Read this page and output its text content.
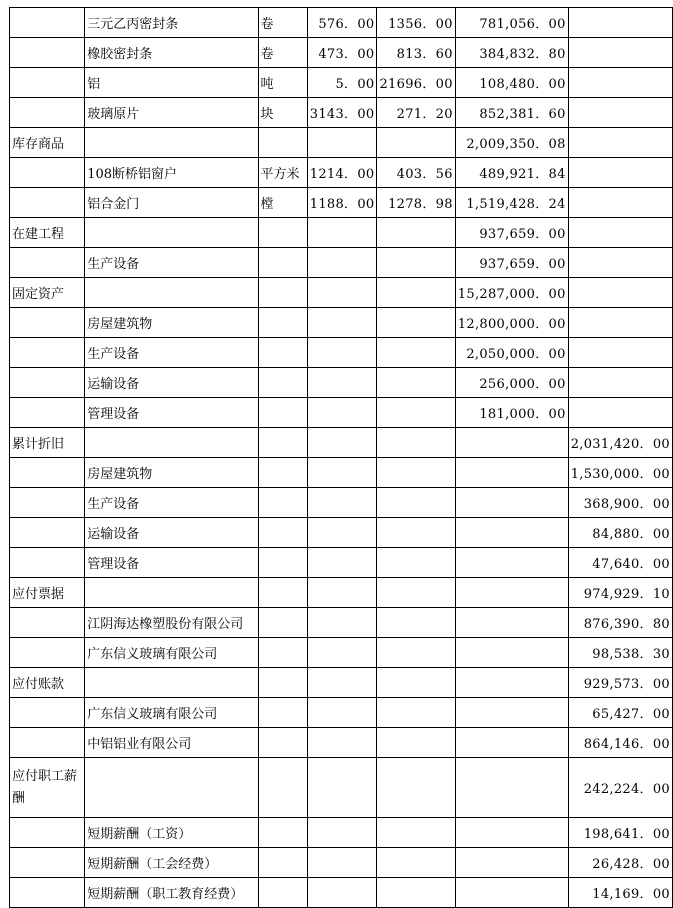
	三元乙丙密封条	卷	576．00	1356．00	781,056．00	
	橡胶密封条	卷	473．00	813．60	384,832．80	
	铝	吨	5．00	21696．00	108,480．00	
	玻璃原片	块	3143．00	271．20	852,381．60	
库存商品					2,009,350．08	
	108断桥铝窗户	平方米	1214．00	403．56	489,921．84	
	铝合金门	樘	1188．00	1278．98	1,519,428．24	
在建工程					937,659．00	
	生产设备				937,659．00	
固定资产					15,287,000．00	
	房屋建筑物				12,800,000．00	
	生产设备				2,050,000．00	
	运输设备				256,000．00	
	管理设备				181,000．00	
累计折旧						2,031,420．00
	房屋建筑物					1,530,000．00
	生产设备					368,900．00
	运输设备					84,880．00
	管理设备					47,640．00
应付票据						974,929．10
	江阴海达橡塑股份有限公司					876,390．80
	广东信义玻璃有限公司					98,538．30
应付账款						929,573．00
	广东信义玻璃有限公司					65,427．00
	中铝铝业有限公司					864,146．00
应付职工薪酬						242,224．00
	短期薪酬（工资）					198,641．00
	短期薪酬（工会经费）					26,428．00
	短期薪酬（职工教育经费）					14,169．00
